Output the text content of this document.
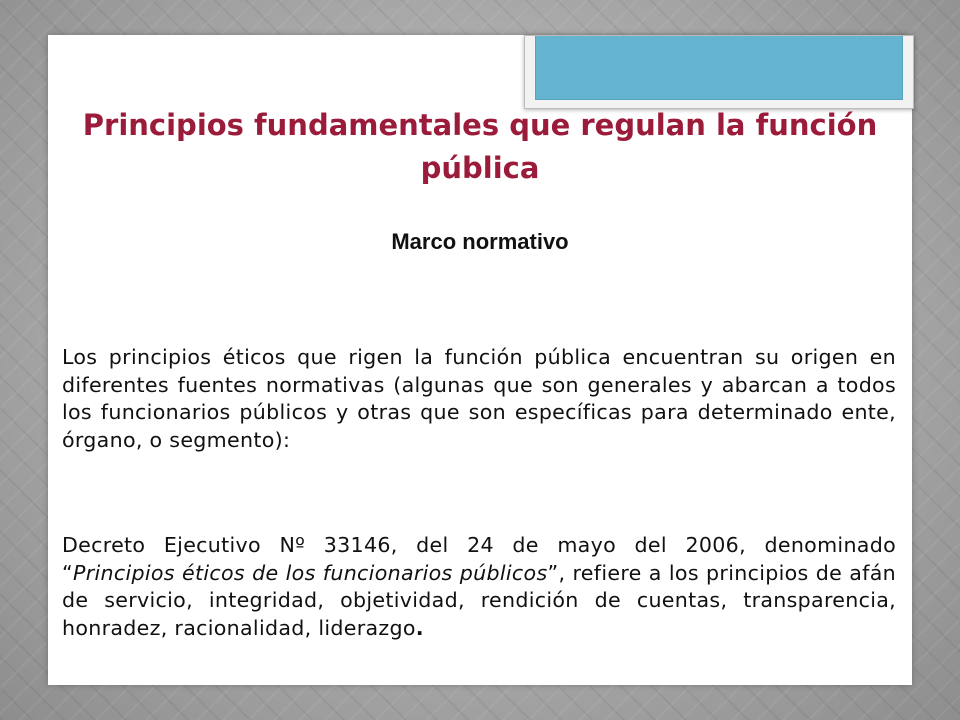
Principios fundamentales que regulan la función pública
Marco normativo

Los principios éticos que rigen la función pública encuentran su origen en diferentes fuentes normativas (algunas que son generales y abarcan a todos los funcionarios públicos y otras que son específicas para determinado ente, órgano, o segmento):

Decreto Ejecutivo Nº 33146, del 24 de mayo del 2006, denominado “Principios éticos de los funcionarios públicos”, refiere a los principios de afán de servicio, integridad, objetividad, rendición de cuentas, transparencia, honradez, racionalidad, liderazgo.
